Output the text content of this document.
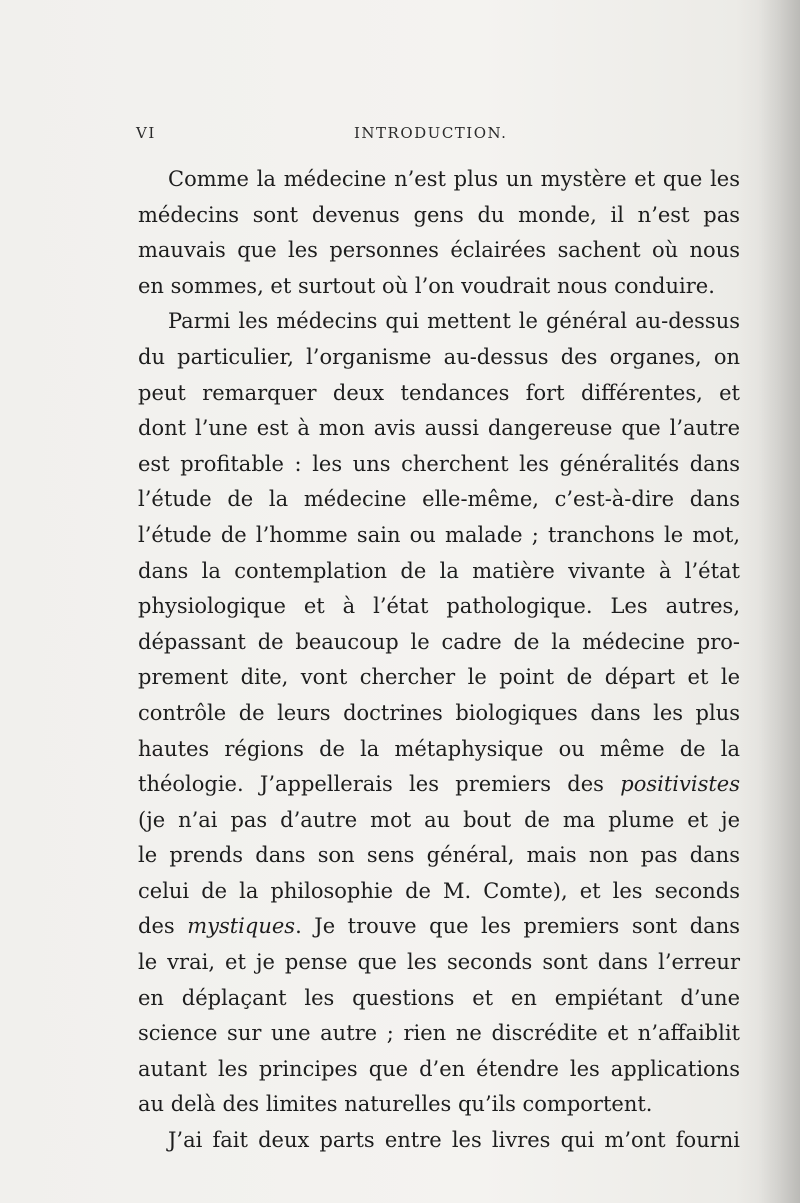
VI	INTRODUCTION.
Comme la médecine n’est plus un mystère et que les
médecins sont devenus gens du monde, il n’est pas
mauvais que les personnes éclairées sachent où nous
en sommes, et surtout où l’on voudrait nous conduire.
Parmi les médecins qui mettent le général au-dessus
du particulier, l’organisme au-dessus des organes, on
peut remarquer deux tendances fort différentes, et
dont l’une est à mon avis aussi dangereuse que l’autre
est profitable : les uns cherchent les généralités dans
l’étude de la médecine elle-même, c’est-à-dire dans
l’étude de l’homme sain ou malade ; tranchons le mot,
dans la contemplation de la matière vivante à l’état
physiologique et à l’état pathologique. Les autres,
dépassant de beaucoup le cadre de la médecine pro-
prement dite, vont chercher le point de départ et le
contrôle de leurs doctrines biologiques dans les plus
hautes régions de la métaphysique ou même de la
théologie. J’appellerais les premiers des positivistes
(je n’ai pas d’autre mot au bout de ma plume et je
le prends dans son sens général, mais non pas dans
celui de la philosophie de M. Comte), et les seconds
des mystiques. Je trouve que les premiers sont dans
le vrai, et je pense que les seconds sont dans l’erreur
en déplaçant les questions et en empiétant d’une
science sur une autre ; rien ne discrédite et n’affaiblit
autant les principes que d’en étendre les applications
au delà des limites naturelles qu’ils comportent.
J’ai fait deux parts entre les livres qui m’ont fourni
